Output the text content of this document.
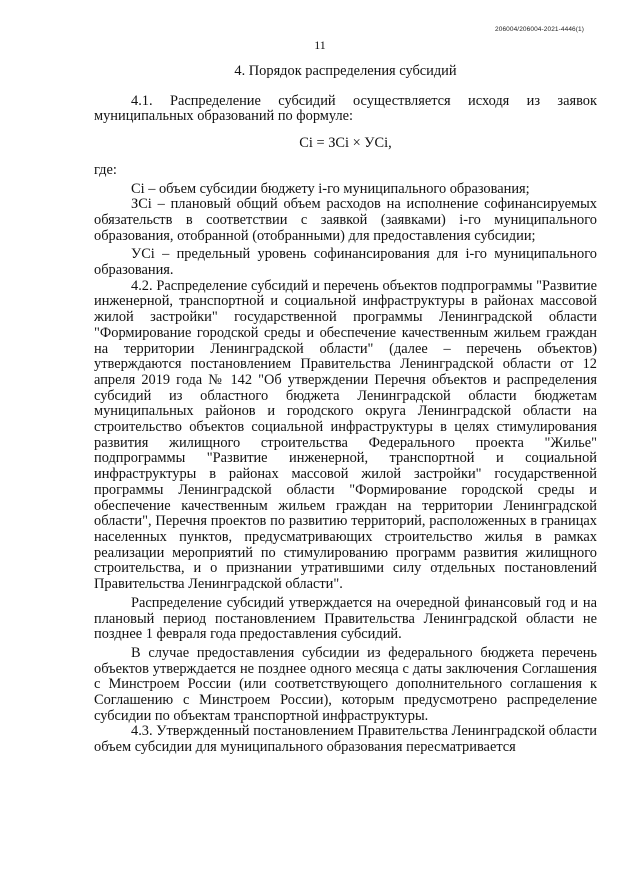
206004/206004-2021-4446(1)
11
4. Порядок распределения субсидий

4.1. Распределение субсидий осуществляется исходя из заявок муниципальных образований по формуле:

Сi = ЗСi × УСi,

где:

Сi – объем субсидии бюджету i-го муниципального образования;

ЗСi – плановый общий объем расходов на исполнение софинансируемых обязательств в соответствии с заявкой (заявками) i-го муниципального образования, отобранной (отобранными) для предоставления субсидии;

УСi – предельный уровень софинансирования для i-го муниципального образования.

4.2. Распределение субсидий и перечень объектов подпрограммы "Развитие инженерной, транспортной и социальной инфраструктуры в районах массовой жилой застройки" государственной программы Ленинградской области "Формирование городской среды и обеспечение качественным жильем граждан на территории Ленинградской области" (далее – перечень объектов) утверждаются постановлением Правительства Ленинградской области от 12 апреля 2019 года № 142 "Об утверждении Перечня объектов и распределения субсидий из областного бюджета Ленинградской области бюджетам муниципальных районов и городского округа Ленинградской области на строительство объектов социальной инфраструктуры в целях стимулирования развития жилищного строительства Федерального проекта "Жилье" подпрограммы "Развитие инженерной, транспортной и социальной инфраструктуры в районах массовой жилой застройки" государственной программы Ленинградской области "Формирование городской среды и обеспечение качественным жильем граждан на территории Ленинградской области", Перечня проектов по развитию территорий, расположенных в границах населенных пунктов, предусматривающих строительство жилья в рамках реализации мероприятий по стимулированию программ развития жилищного строительства, и о признании утратившими силу отдельных постановлений Правительства Ленинградской области".

Распределение субсидий утверждается на очередной финансовый год и на плановый период постановлением Правительства Ленинградской области не позднее 1 февраля года предоставления субсидий.

В случае предоставления субсидии из федерального бюджета перечень объектов утверждается не позднее одного месяца с даты заключения Соглашения с Минстроем России (или соответствующего дополнительного соглашения к Соглашению с Минстроем России), которым предусмотрено распределение субсидии по объектам транспортной инфраструктуры.

4.3. Утвержденный постановлением Правительства Ленинградской области объем субсидии для муниципального образования пересматривается
